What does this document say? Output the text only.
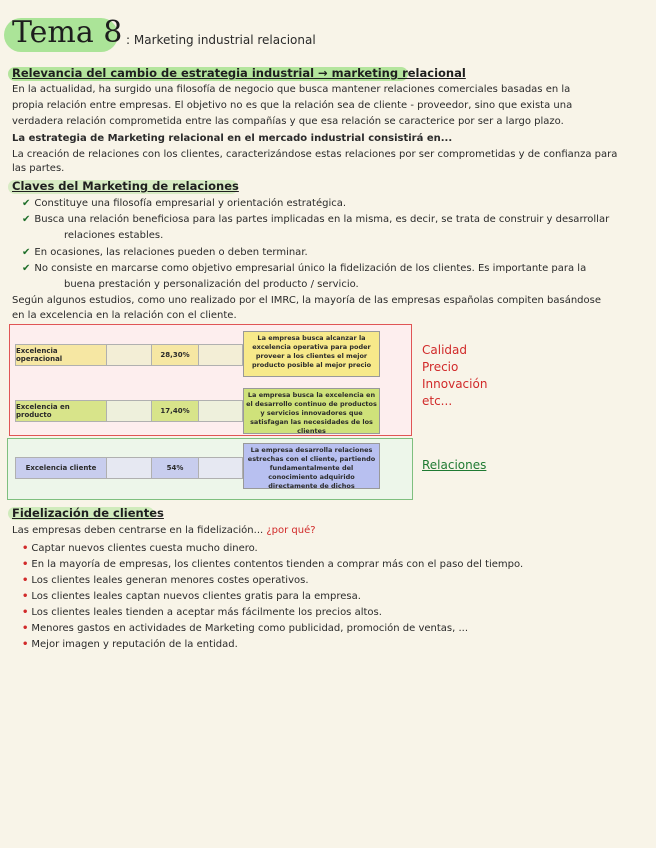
Tema 8 : Marketing industrial relacional
Relevancia del cambio de estrategia industrial → marketing relacional
En la actualidad, ha surgido una filosofía de negocio que busca mantener relaciones comerciales basadas en la
propia relación entre empresas. El objetivo no es que la relación sea de cliente - proveedor, sino que exista una
verdadera relación comprometida entre las compañías y que esa relación se caracterice por ser a largo plazo.
La estrategia de Marketing relacional en el mercado industrial consistirá en...
La creación de relaciones con los clientes, caracterizándose estas relaciones por ser comprometidas y de confianza para
las partes.
Claves del Marketing de relaciones
✔ Constituye una filosofía empresarial y orientación estratégica.
✔ Busca una relación beneficiosa para las partes implicadas en la misma, es decir, se trata de construir y desarrollar
relaciones estables.
✔ En ocasiones, las relaciones pueden o deben terminar.
✔ No consiste en marcarse como objetivo empresarial único la fidelización de los clientes. Es importante para la
buena prestación y personalización del producto / servicio.
Según algunos estudios, como uno realizado por el IMRC, la mayoría de las empresas españolas compiten basándose
en la excelencia en la relación con el cliente.
Excelencia operacional	28,30%
La empresa busca alcanzar la excelencia operativa para poder proveer a los clientes el mejor producto posible al mejor precio
Excelencia en producto	17,40%
La empresa busca la excelencia en el desarrollo continuo de productos y servicios innovadores que satisfagan las necesidades de los clientes
Excelencia cliente	54%
La empresa desarrolla relaciones estrechas con el cliente, partiendo fundamentalmente del conocimiento adquirido directamente de dichos
Calidad
Precio
Innovación
etc...
Relaciones
Fidelización de clientes
Las empresas deben centrarse en la fidelización... ¿por qué?
• Captar nuevos clientes cuesta mucho dinero.
• En la mayoría de empresas, los clientes contentos tienden a comprar más con el paso del tiempo.
• Los clientes leales generan menores costes operativos.
• Los clientes leales captan nuevos clientes gratis para la empresa.
• Los clientes leales tienden a aceptar más fácilmente los precios altos.
• Menores gastos en actividades de Marketing como publicidad, promoción de ventas, ...
• Mejor imagen y reputación de la entidad.
